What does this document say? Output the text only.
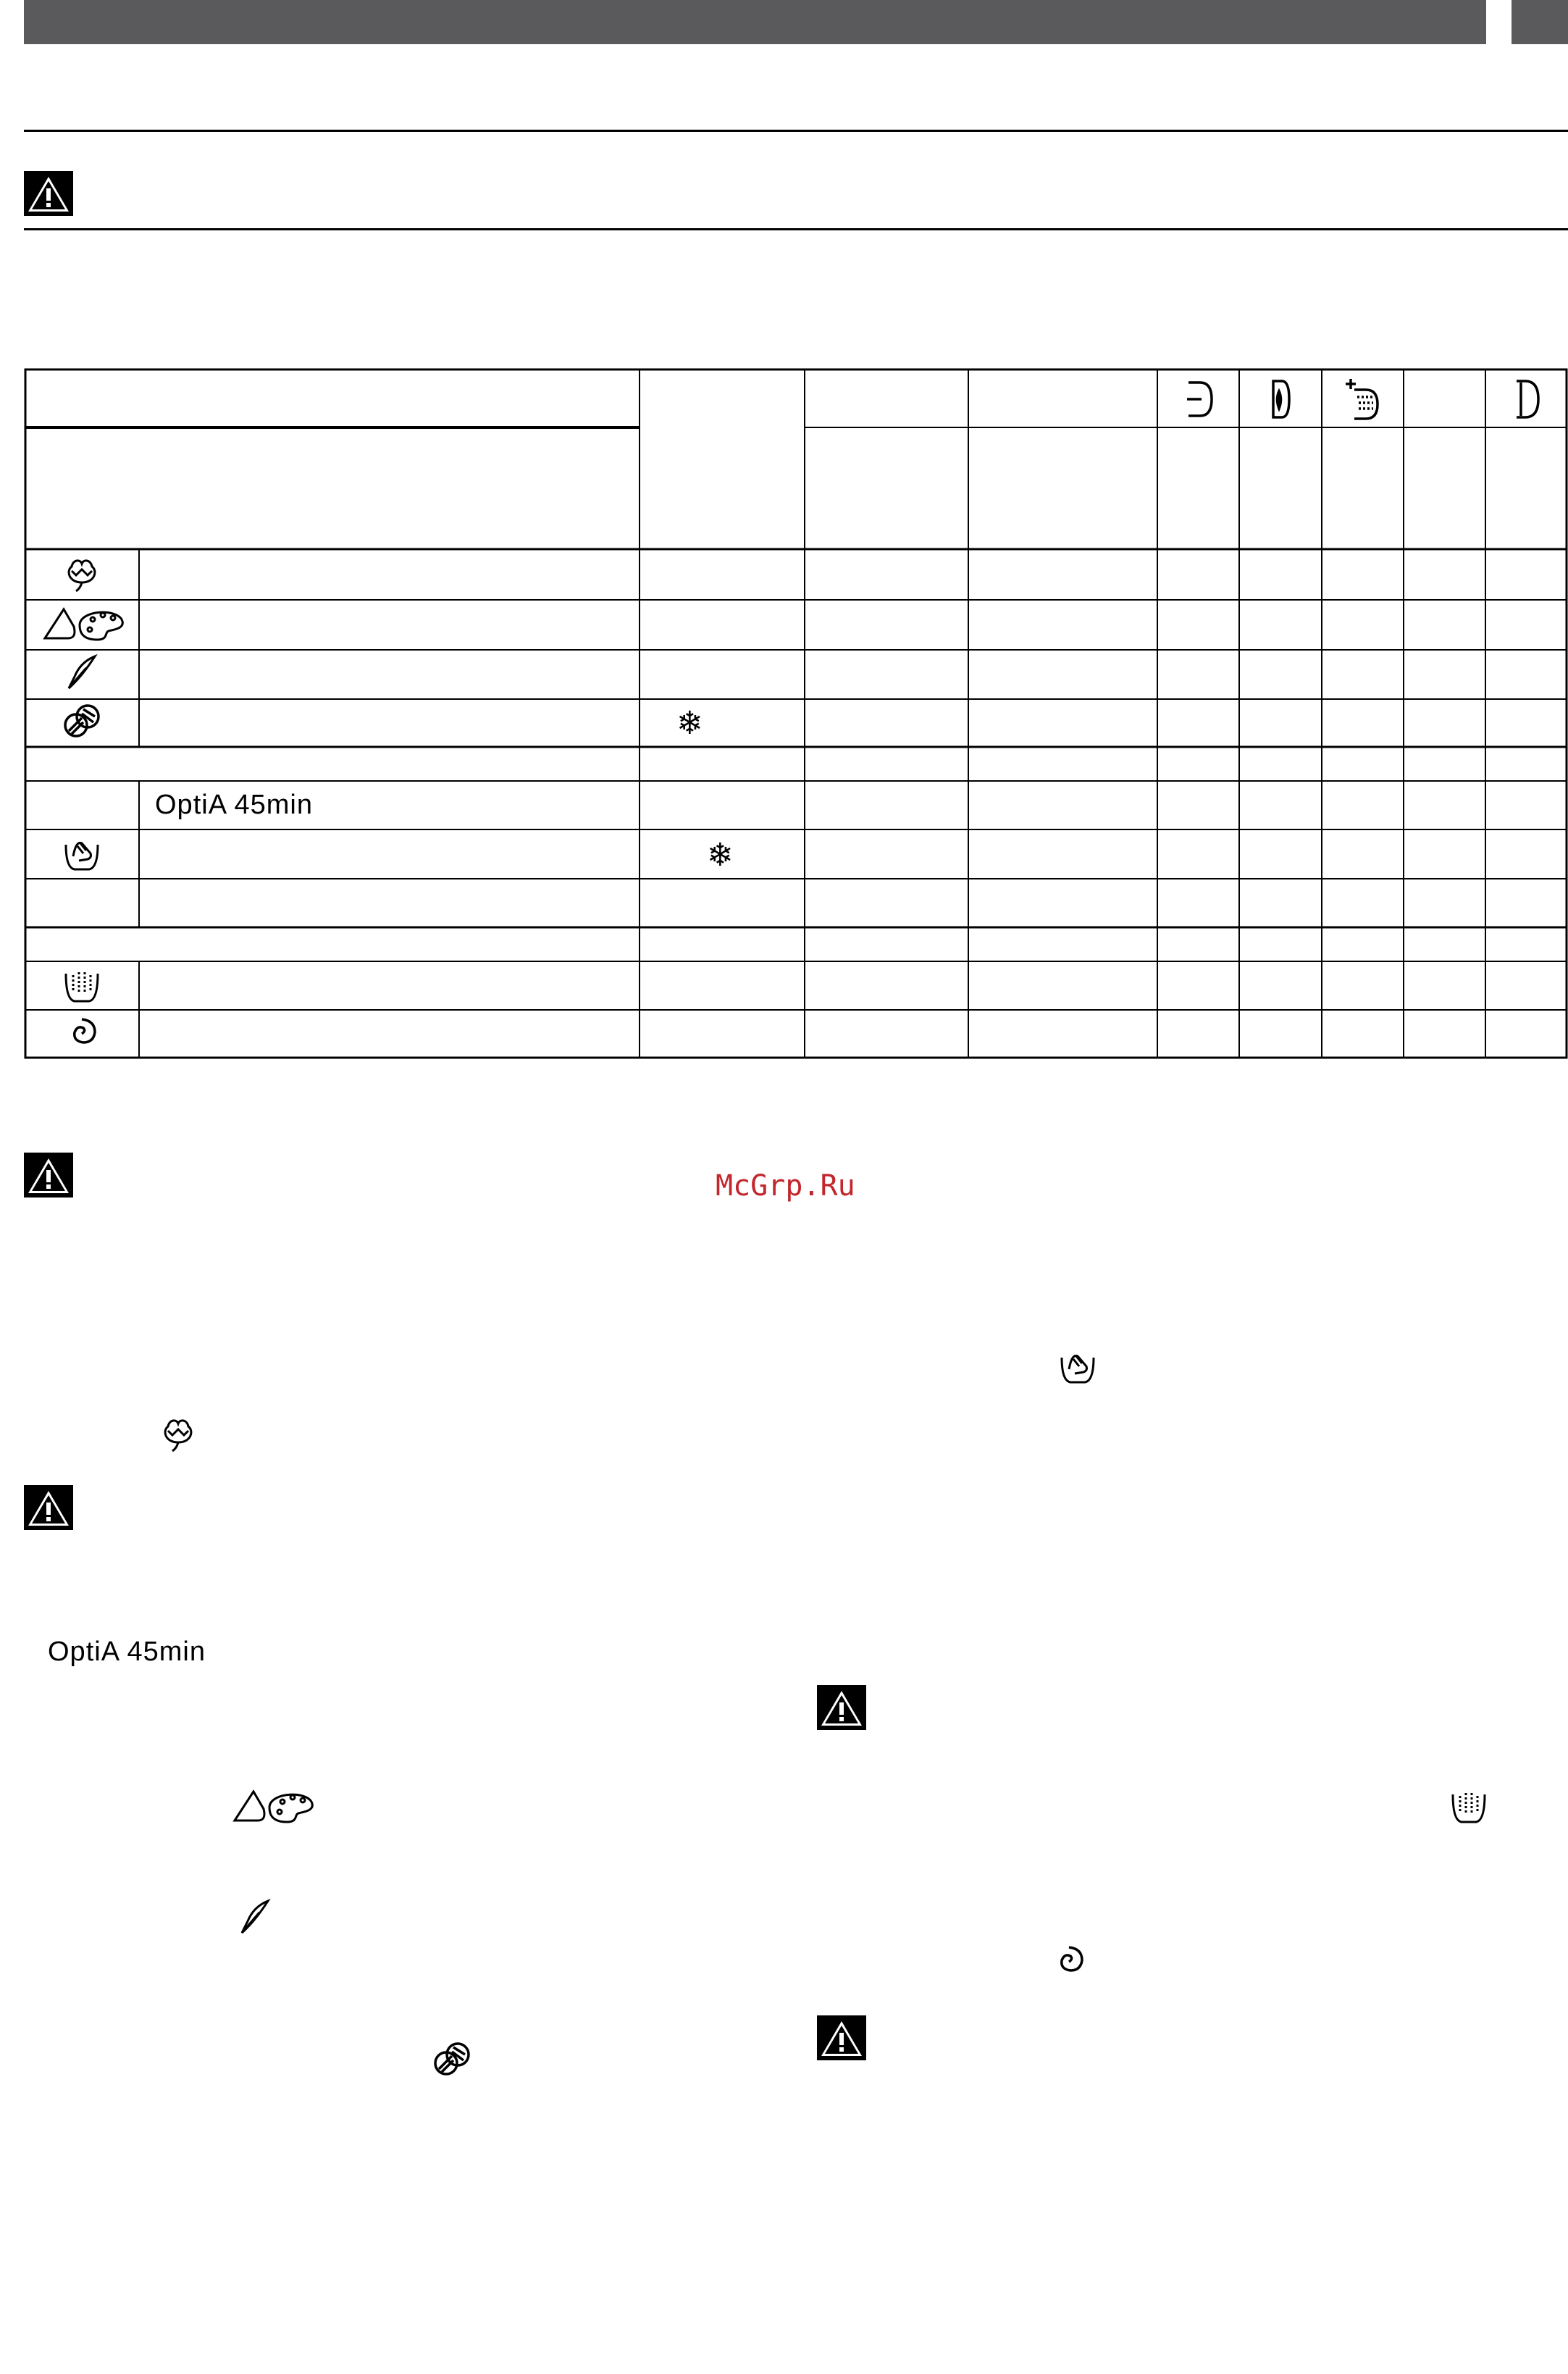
OptiA 45min
❄
❄
McGrp.Ru
OptiA 45min
